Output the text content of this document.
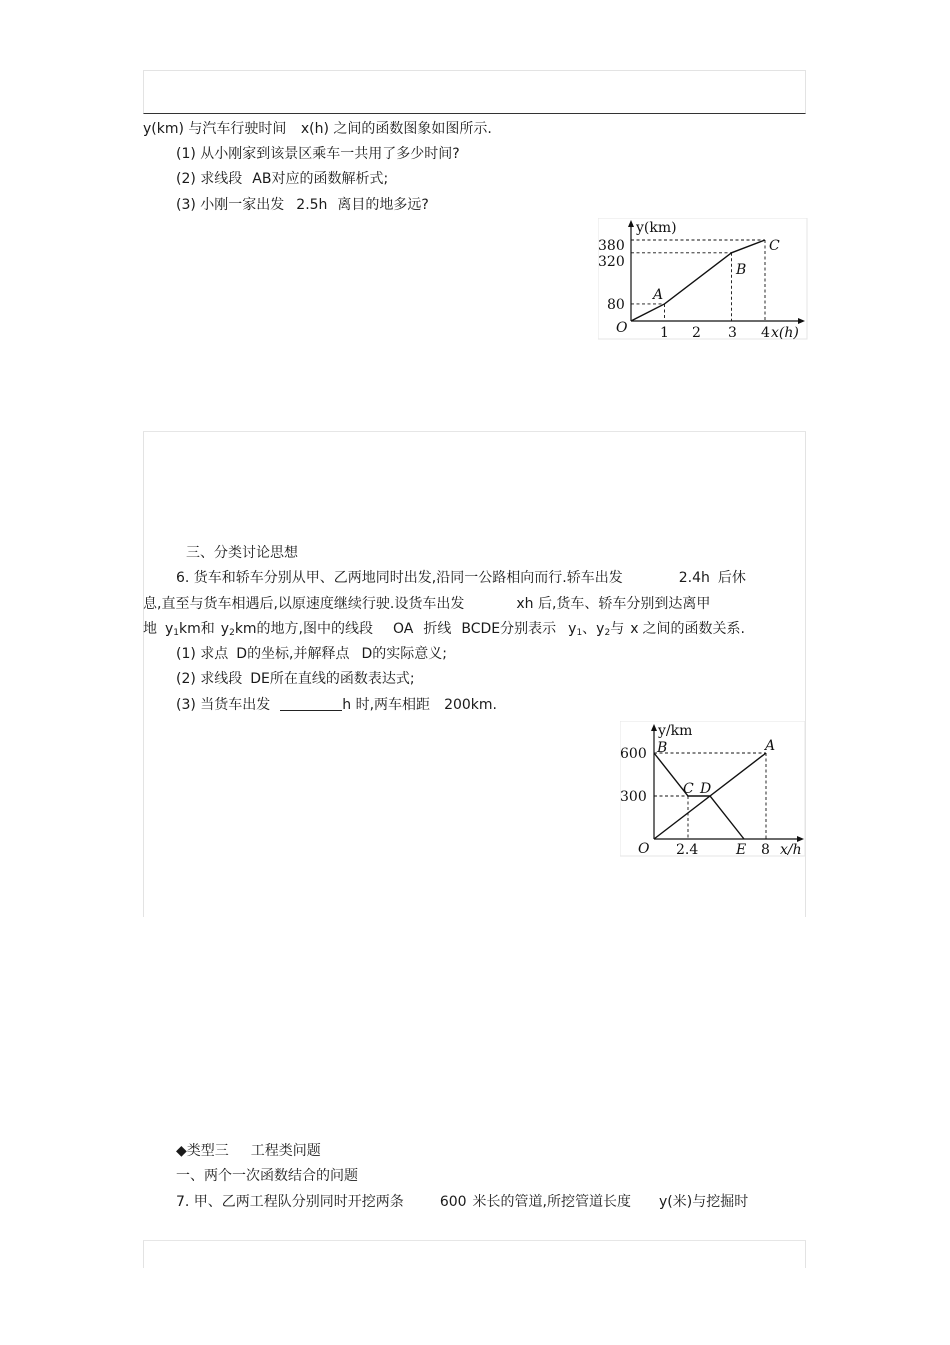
y(km) 与汽车行驶时间 x(h) 之间的函数图象如图所示.
(1) 从小刚家到该景区乘车一共用了多少时间?
(2) 求线段 AB对应的函数解析式;
(3) 小刚一家出发 2.5h 离目的地多远?
y(km)
380
320
80
O 1 2 3 4 x(h)
A
B
C
三、分类讨论思想
6. 货车和轿车分别从甲、乙两地同时出发,沿同一公路相向而行.轿车出发	2.4h 后休
息,直至与货车相遇后,以原速度继续行驶.设货车出发	xh 后,货车、轿车分别到达离甲
地 $y_1km$和 $y_2km$的地方,图中的线段 OA 折线 BCDE分别表示 $y_1$、$y_2$与 x 之间的函数关系.
(1) 求点 D的坐标,并解释点 D的实际意义;
(2) 求线段 DE所在直线的函数表达式;
(3) 当货车出发	h 时,两车相距 200km.
y/km
600
300
O 2.4	E 8 x/h
B	A
C D
◆类型三 工程类问题
一、两个一次函数结合的问题
7. 甲、乙两工程队分别同时开挖两条	600 米长的管道,所挖管道长度 y(米)与挖掘时
